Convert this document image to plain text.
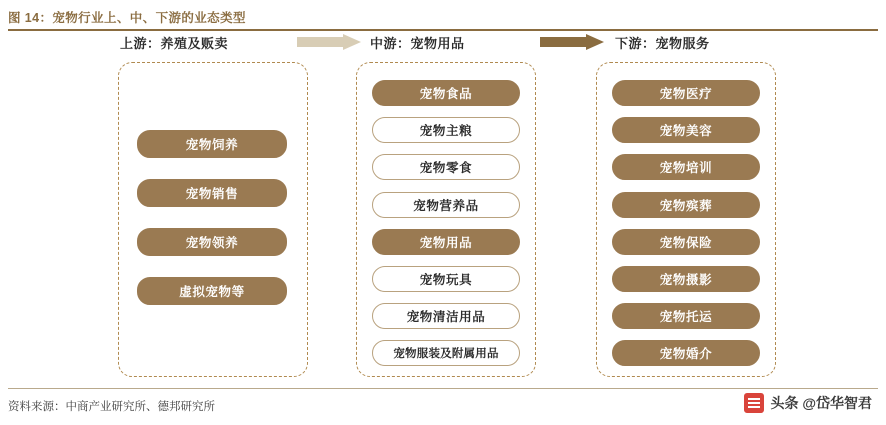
图 14：宠物行业上、中、下游的业态类型
上游：养殖及贩卖	中游：宠物用品	下游：宠物服务
宠物饲养
宠物销售
宠物领养
虚拟宠物等
宠物食品
宠物主粮
宠物零食
宠物营养品
宠物用品
宠物玩具
宠物清洁用品
宠物服装及附属用品
宠物医疗
宠物美容
宠物培训
宠物殡葬
宠物保险
宠物摄影
宠物托运
宠物婚介
资料来源：中商产业研究所、德邦研究所	头条 @岱华智君
